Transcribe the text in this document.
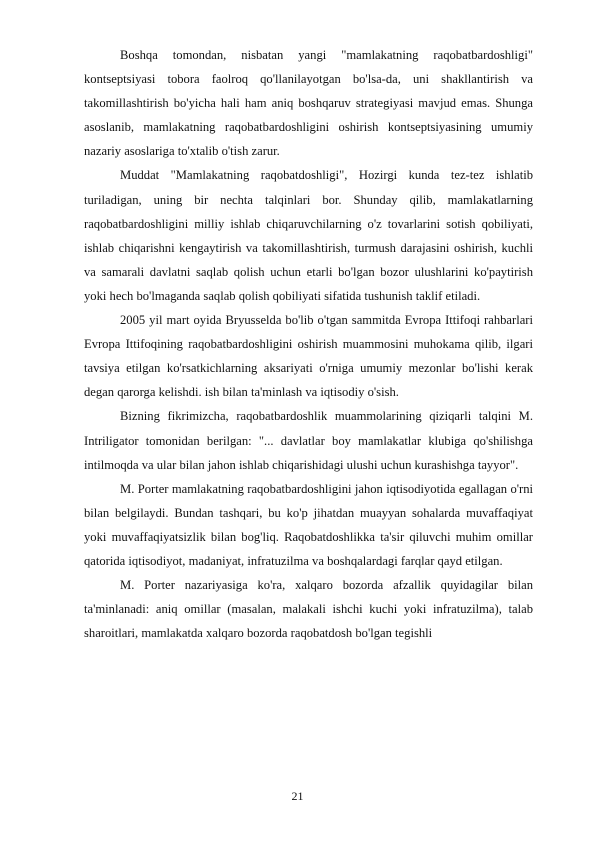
Boshqa tomondan, nisbatan yangi "mamlakatning raqobatbardoshligi" kontseptsiyasi tobora faolroq qo'llanilayotgan bo'lsa-da, uni shakllantirish va takomillashtirish bo'yicha hali ham aniq boshqaruv strategiyasi mavjud emas. Shunga asoslanib, mamlakatning raqobatbardoshligini oshirish kontseptsiyasining umumiy nazariy asoslariga to'xtalib o'tish zarur.

Muddat "Mamlakatning raqobatdoshligi", Hozirgi kunda tez-tez ishlatib turiladigan, uning bir nechta talqinlari bor. Shunday qilib, mamlakatlarning raqobatbardoshligini milliy ishlab chiqaruvchilarning o'z tovarlarini sotish qobiliyati, ishlab chiqarishni kengaytirish va takomillashtirish, turmush darajasini oshirish, kuchli va samarali davlatni saqlab qolish uchun etarli bo'lgan bozor ulushlarini ko'paytirish yoki hech bo'lmaganda saqlab qolish qobiliyati sifatida tushunish taklif etiladi.

2005 yil mart oyida Bryusselda bo'lib o'tgan sammitda Evropa Ittifoqi rahbarlari Evropa Ittifoqining raqobatbardoshligini oshirish muammosini muhokama qilib, ilgari tavsiya etilgan ko'rsatkichlarning aksariyati o'rniga umumiy mezonlar bo'lishi kerak degan qarorga kelishdi. ish bilan ta'minlash va iqtisodiy o'sish.

Bizning fikrimizcha, raqobatbardoshlik muammolarining qiziqarli talqini M. Intriligator tomonidan berilgan: "... davlatlar boy mamlakatlar klubiga qo'shilishga intilmoqda va ular bilan jahon ishlab chiqarishidagi ulushi uchun kurashishga tayyor".

M. Porter mamlakatning raqobatbardoshligini jahon iqtisodiyotida egallagan o'rni bilan belgilaydi. Bundan tashqari, bu ko'p jihatdan muayyan sohalarda muvaffaqiyat yoki muvaffaqiyatsizlik bilan bog'liq. Raqobatdoshlikka ta'sir qiluvchi muhim omillar qatorida iqtisodiyot, madaniyat, infratuzilma va boshqalardagi farqlar qayd etilgan.

M. Porter nazariyasiga ko'ra, xalqaro bozorda afzallik quyidagilar bilan ta'minlanadi: aniq omillar (masalan, malakali ishchi kuchi yoki infratuzilma), talab sharoitlari, mamlakatda xalqaro bozorda raqobatdosh bo'lgan tegishli

21
